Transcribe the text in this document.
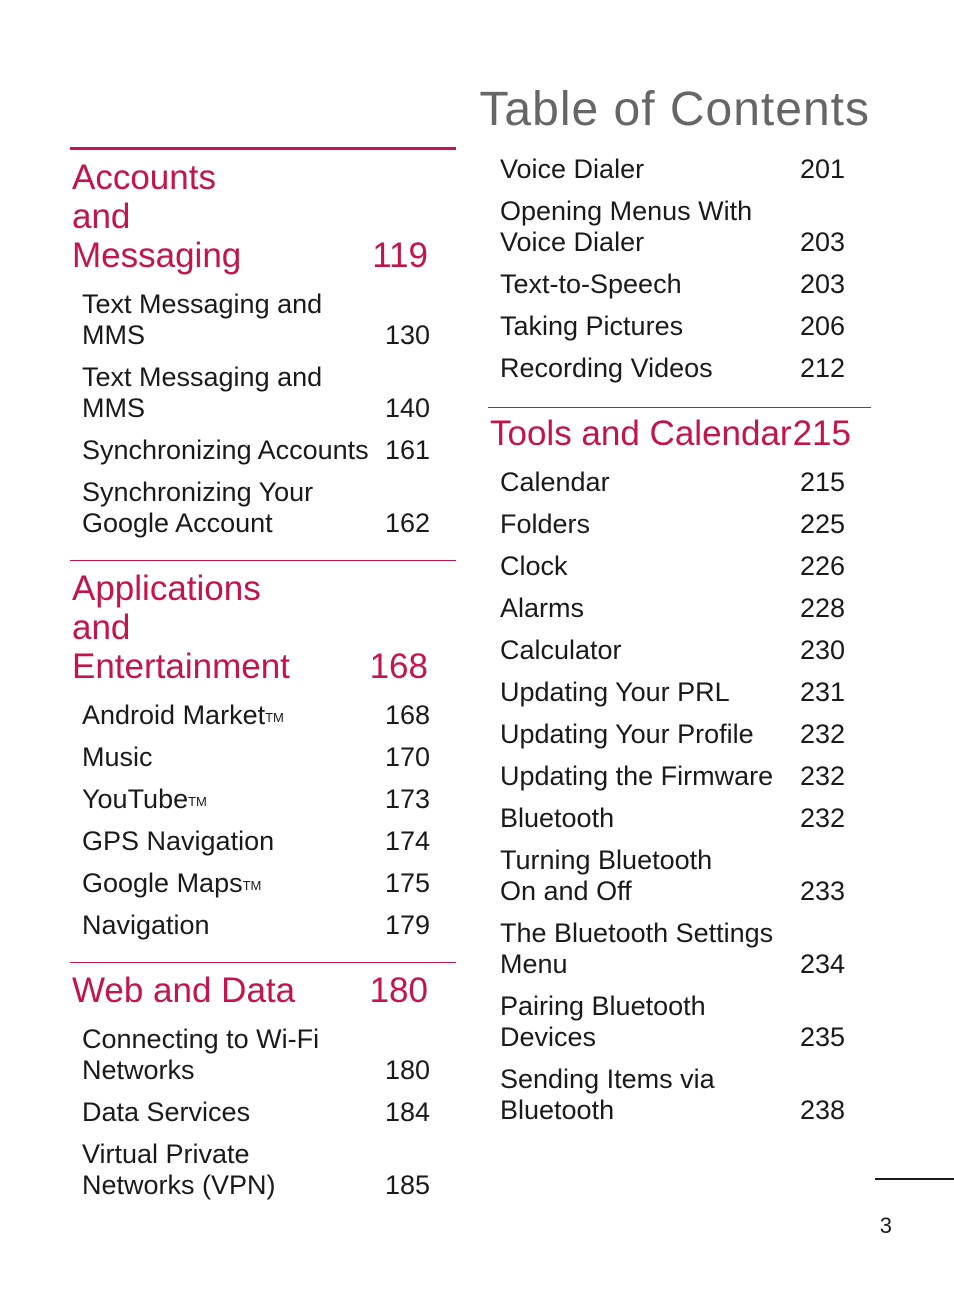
Table of Contents
Accounts and Messaging	119
Text Messaging and MMS	130
Text Messaging and MMS	140
Synchronizing Accounts 161
Synchronizing Your Google Account	162
Applications and Entertainment	168
Android Market™	168
Music	170
YouTube™	173
GPS Navigation	174
Google Maps™	175
Navigation	179
Web and Data	180
Connecting to Wi-Fi Networks	180
Data Services	184
Virtual Private Networks (VPN)	185
Voice Dialer	201
Opening Menus With Voice Dialer	203
Text-to-Speech	203
Taking Pictures	206
Recording Videos	212
Tools and Calendar 215
Calendar	215
Folders	225
Clock	226
Alarms	228
Calculator	230
Updating Your PRL	231
Updating Your Profile	232
Updating the Firmware 232
Bluetooth	232
Turning Bluetooth On and Off	233
The Bluetooth Settings Menu	234
Pairing Bluetooth Devices	235
Sending Items via Bluetooth	238
3
